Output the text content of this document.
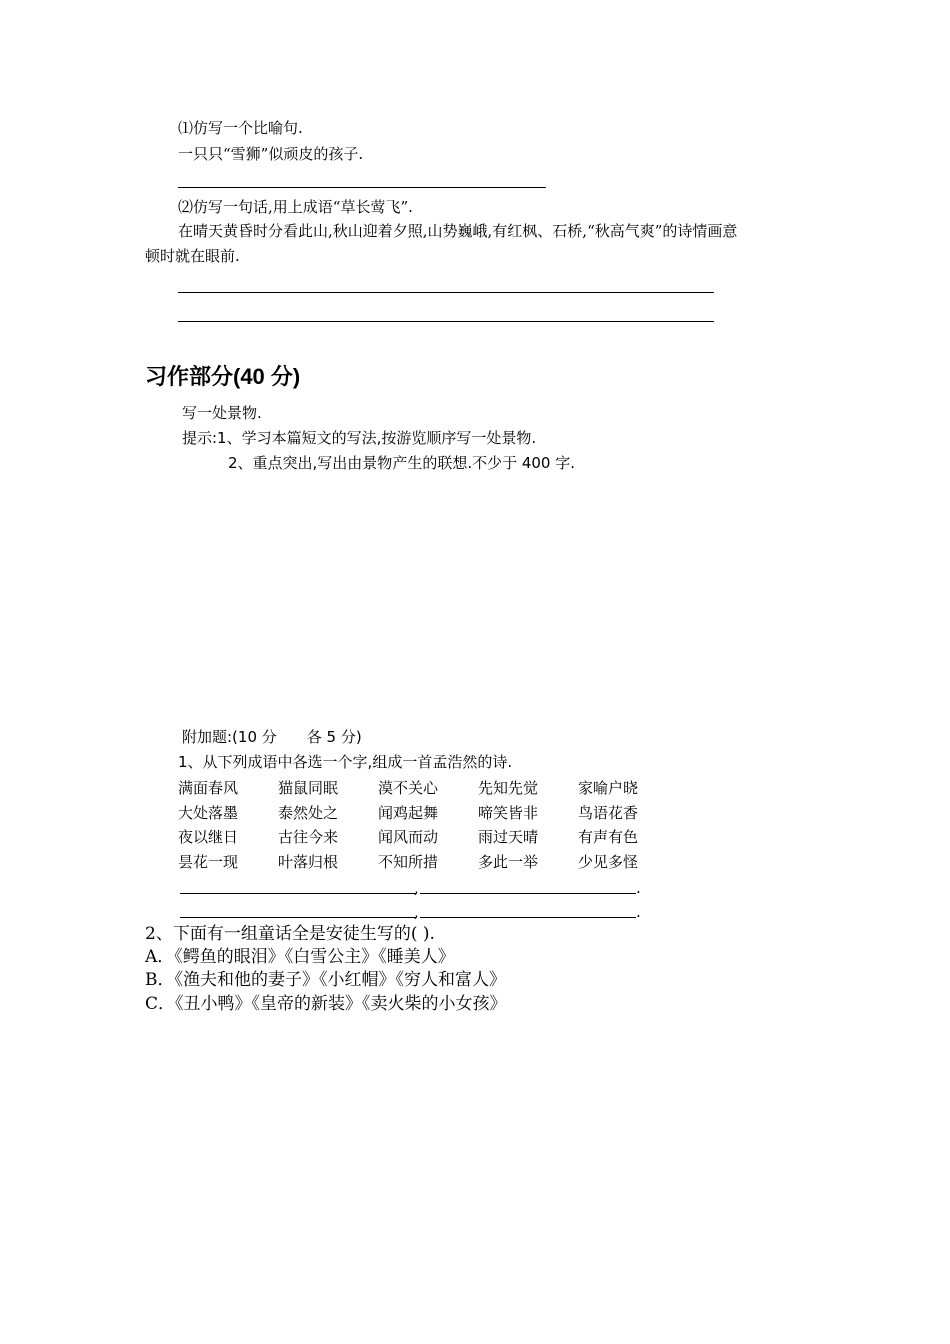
⑴仿写一个比喻句.
一只只“雪狮”似顽皮的孩子.
⑵仿写一句话,用上成语“草长莺飞”.
在晴天黄昏时分看此山,秋山迎着夕照,山势巍峨,有红枫、石桥,“秋高气爽”的诗情画意
顿时就在眼前.
习作部分(40 分)
写一处景物.
提示:1、学习本篇短文的写法,按游览顺序写一处景物.
2、重点突出,写出由景物产生的联想.不少于 400 字.
附加题:(10 分　　各 5 分)
1、从下列成语中各选一个字,组成一首孟浩然的诗.
满面春风	猫鼠同眠	漠不关心	先知先觉	家喻户晓
大处落墨	泰然处之	闻鸡起舞	啼笑皆非	鸟语花香
夜以继日	古往今来	闻风而动	雨过天晴	有声有色
昙花一现	叶落归根	不知所措	多此一举	少见多怪
,	.
,	.
2、下面有一组童话全是安徒生写的( ).
A．《鳄鱼的眼泪》《白雪公主》《睡美人》
B．《渔夫和他的妻子》《小红帽》《穷人和富人》
C．《丑小鸭》《皇帝的新装》《卖火柴的小女孩》
